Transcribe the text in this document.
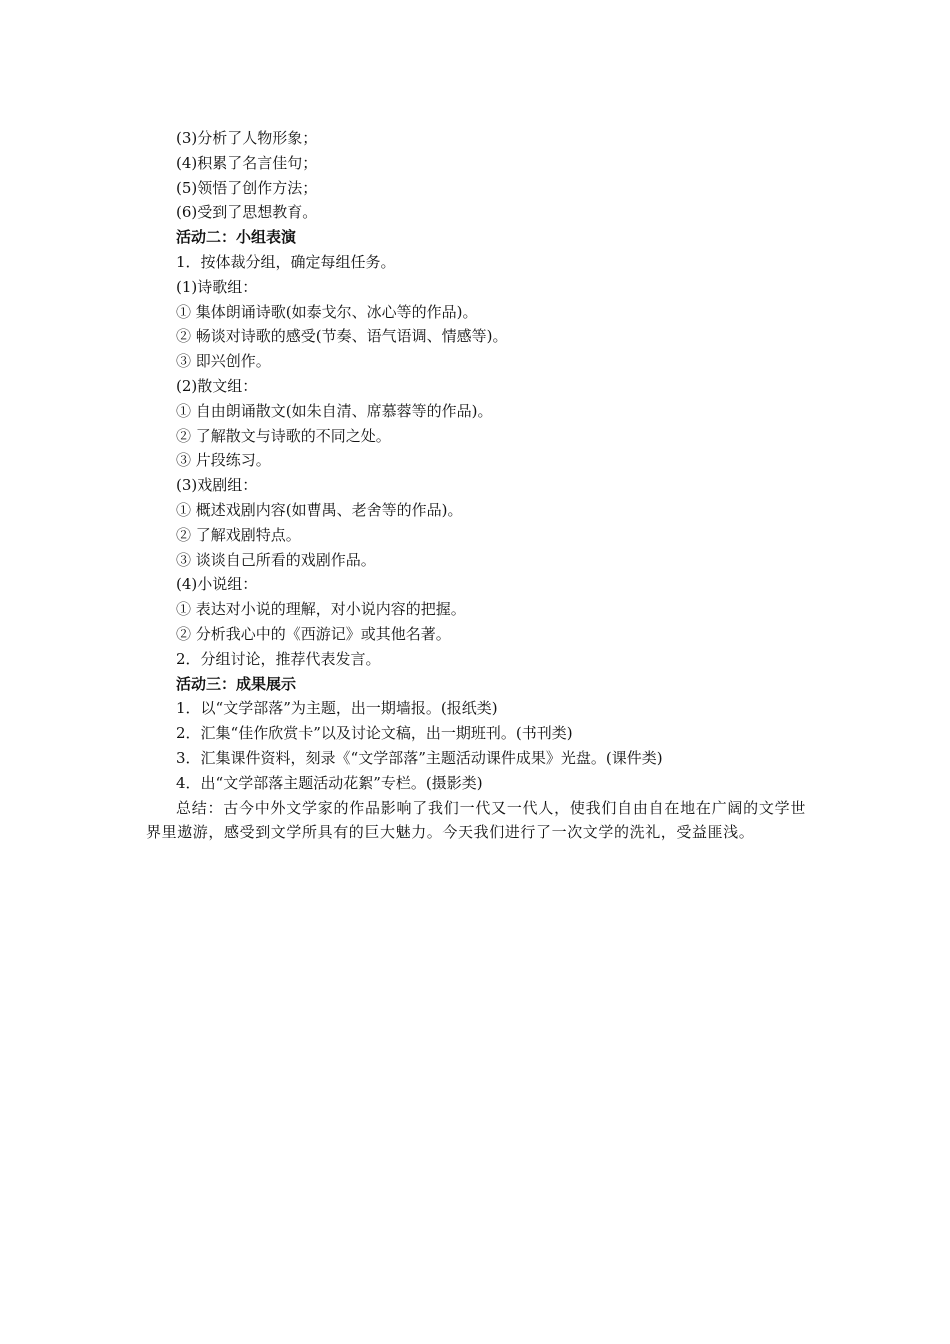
(3)分析了人物形象；
(4)积累了名言佳句；
(5)领悟了创作方法；
(6)受到了思想教育。
活动二：小组表演
1．按体裁分组，确定每组任务。
(1)诗歌组：
① 集体朗诵诗歌(如泰戈尔、冰心等的作品)。
② 畅谈对诗歌的感受(节奏、语气语调、情感等)。
③ 即兴创作。
(2)散文组：
① 自由朗诵散文(如朱自清、席慕蓉等的作品)。
② 了解散文与诗歌的不同之处。
③ 片段练习。
(3)戏剧组：
① 概述戏剧内容(如曹禺、老舍等的作品)。
② 了解戏剧特点。
③ 谈谈自己所看的戏剧作品。
(4)小说组：
① 表达对小说的理解，对小说内容的把握。
② 分析我心中的《西游记》或其他名著。
2．分组讨论，推荐代表发言。
活动三：成果展示
1．以“文学部落”为主题，出一期墙报。(报纸类)
2．汇集“佳作欣赏卡”以及讨论文稿，出一期班刊。(书刊类)
3．汇集课件资料，刻录《“文学部落”主题活动课件成果》光盘。(课件类)
4．出“文学部落主题活动花絮”专栏。(摄影类)

总结：古今中外文学家的作品影响了我们一代又一代人，使我们自由自在地在广阔的文学世界里遨游，感受到文学所具有的巨大魅力。今天我们进行了一次文学的洗礼，受益匪浅。
